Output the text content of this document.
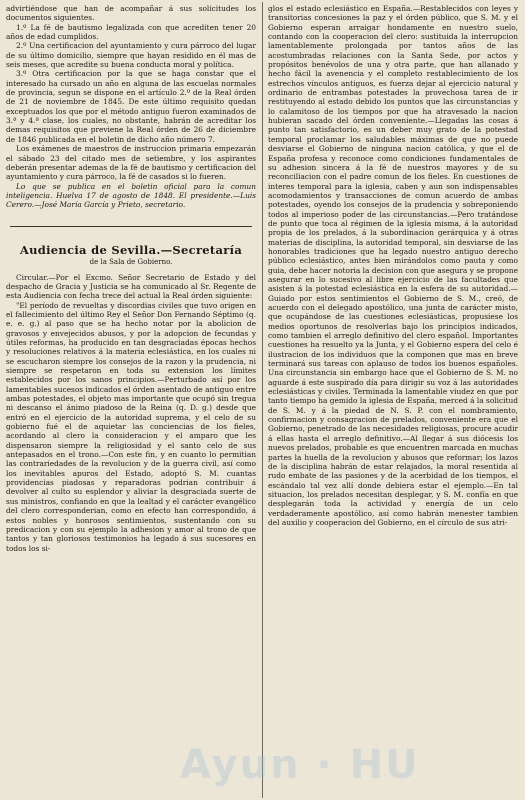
advirtiéndose que han de acompañar á sus solicitudes los documentos siguientes.

1.º La fé de bautismo legalizada con que acrediten tener 20 años de edad cumplidos.

2.º Una certificacion del ayuntamiento y cura párroco del lugar de su último domicilio, siempre que hayan residido en él mas de seis meses, que acredite su buena conducta moral y política.

3.º Otra certificacion por la que se haga constar que el interesado ha cursado un año en alguna de las escuelas normales de provincia, segun se dispone en el artículo 2.º de la Real órden de 21 de noviembre de 1845. De este último requisito quedan exceptuados los que por el método antiguo fueron examinados de 3.ª y 4.ª clase, los cuales, no obstante, habrán de acreditar los demas requisitos que previene la Real órden de 26 de diciembre de 1846 publicada en el boletin de dicho año número 7.

Los exámenes de maestros de instruccion primaria empezarán el sábado 23 del citado mes de setiembre, y los aspirantes deberán presentar ademas de la fé de bautismo y certificacion del ayuntamiento y cura párroco, la fé de casados si lo fueren.

Lo que se publica en el boletin oficial para la comun inteligencia. Huelva 17 de agosto de 1848. El presidente.—Luis Cerero.—José María García y Prieto, secretario.

Audiencia de Sevilla.—Secretaría
de la Sala de Gobierno.

Circular.—Por el Excmo. Señor Secretario de Estado y del despacho de Gracia y Justicia se ha comunicado al Sr. Regente de esta Audiencia con fecha trece del actual la Real órden siguiente:

"El período de revueltas y discordias civiles que tuvo origen en el fallecimiento del último Rey el Señor Don Fernando Séptimo (q. e. e. g.) al paso que se ha hecho notar por la abolicion de gravosos y envejecidos abusos, y por la adopcion de fecundas y útiles reformas, ha producido en tan desgraciadas épocas hechos y resoluciones relativos á la materia eclesiástica, en los cuales ni se escucharon siempre los consejos de la razon y la prudencia, ni siempre se respetaron en toda su extension los límites establecidos por los sanos principios.—Perturbado así por los lamentables sucesos indicados el órden asentado de antiguo entre ambas potestades, el objeto mas importante que ocupó sin tregua ni descanso el ánimo piadoso de la Reina (q. D. g.) desde que entró en el ejercicio de la autoridad suprema, y el celo de su gobierno fué el de aquietar las conciencias de los fieles, acordando al clero la consideracion y el amparo que les dispensaron siempre la religiosidad y el santo celo de sus antepasados en el trono.—Con este fin, y en cuanto lo permitian las contrariedades de la revolucion y de la guerra civil, así como los inevitables apuros del Estado, adoptó S. M. cuantas providencias piadosas y reparadoras podrian contribuir á devolver al culto su esplendor y aliviar la desgraciada suerte de sus ministros, confiando en que la lealtad y el carácter evangélico del clero corresponderian, como en efecto han correspondido, á estos nobles y honrosos sentimientos, sustentando con su predicacion y con su ejemplo la adhesion y amor al trono de que tantos y tan gloriosos testimonios ha legado á sus sucesores en todos los si-

glos el estado eclesiástico en España.—Restablecidos con leyes y transitorias concesiones la paz y el órden público, que S. M. y el Gobierno esperan arraigar hondamente en nuestro suelo, contando con la cooperacion del clero: sustituida la interrupcion lamentablemente prolongada por tantos años de las acostumbradas relaciones con la Santa Sede, por actos y propósitos benévolos de una y otra parte, que han allanado y hecho fácil la avenencia y el completo restablecimiento de los estrechos vínculos antiguos, es fuerza dejar al ejercicio natural y ordinario de entrambas potestades la provechosa tarea de ir restituyendo al estado debido los puntos que las circunstancias y lo calamitoso de los tiempos por que ha atravesado la nacion hubieran sacado del órden conveniente.—Llegadas las cosas á punto tan satisfactorio, es un deber muy grato de la potestad temporal proclamar los saludables máximas de que no puede desviarse el Gobierno de ninguna nacion católica, y que el de España profesa y reconoce como condiciones fundamentales de su adhesion sincera á la fé de nuestros mayores y de su reconciliacion con el padre comun de los fieles. En cuestiones de interes temporal para la iglesia, caben y aun son indispensables acomodamientos y transacciones de comun acuerdo de ambas potestades, oyendo los consejos de la prudencia y sobreponiendo todos al imperioso poder de las circunstancias.—Pero tratándose de punto que toca al régimen de la iglesia misma, á la autoridad propia de los prelados, á la subordinacion gerárquica y á otras materias de disciplina, la autoridad temporal, sin desviarse de las honorables tradiciones que ha legado nuestro antiguo derecho público eclesiástico, antes bien mirándolos como pauta y como guia, debe hacer notoria la decision con que asegura y se propone asegurar en lo sucesivo al libre ejercicio de las facultades que asisten á la potestad eclesiástica en la esfera de su autoridad.—Guiado por estos sentimientos el Gobierno de S. M., creó, de acuerdo con el delegado apostólico, una junta de carácter misto, que ocupándose de las cuestiones eclesiásticas, propusiese los medios oportunos de resolverlas bajo los principios indicados, como tambien el arreglo definitivo del clero español. Importantes cuestiones ha resuelto ya la Junta, y el Gobierno espera del celo é ilustracion de los individuos que la componen que mas en breve terminará sus tareas con aplauso de todos los buenos españoles. Una circunstancia sin embargo hace que el Gobierno de S. M. no aguarde á este suspirado día para dirigir su voz á las autoridades eclesiásticas y civiles. Terminada la lamentable viudez en que por tanto tiempo ha gemido la iglesia de España, merced á la solicitud de S. M. y á la piedad de N. S. P. con el nombramiento, confirmacion y consagracion de prelados, conveniente era que el Gobierno, penetrado de las necesidades religiosas, procure acudir á ellas hasta el arreglo definitivo.—Al llegar á sus diócesis los nuevos prelados, probable es que encuentren marcada en muchas partes la huella de la revolucion y abusos que reformar; los lazos de la disciplina habrán de estar relajados, la moral resentida al rudo embate de las pasiones y de la acerbidad de los tiempos, el escándalo tal vez allí donde debiera estar el ejemplo.—En tal situacion, los prelados necesitan desplegar, y S. M. confía en que desplegarán toda la actividad y energía de un celo verdaderamente apostólico, así como habrán menester tambien del auxilio y cooperacion del Gobierno, en el círculo de sus atri-

Ayun · HU
